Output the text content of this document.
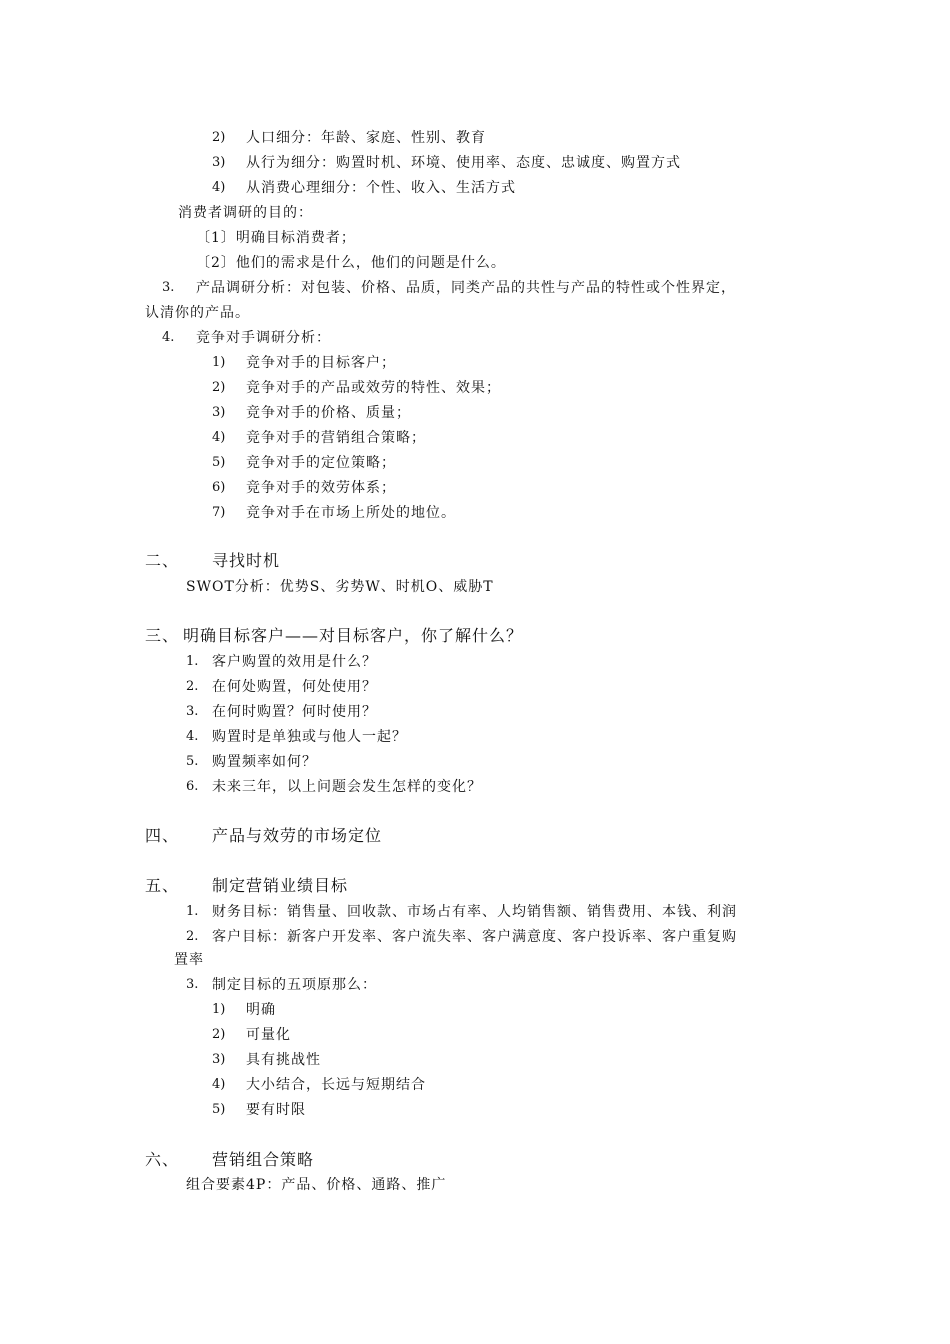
2) 人口细分：年龄、家庭、性别、教育
3) 从行为细分：购置时机、环境、使用率、态度、忠诚度、购置方式
4) 从消费心理细分：个性、收入、生活方式
消费者调研的目的：
〔1〕明确目标消费者；
〔2〕他们的需求是什么，他们的问题是什么。
3. 产品调研分析：对包装、价格、品质，同类产品的共性与产品的特性或个性界定，
认清你的产品。
4. 竞争对手调研分析：
1) 竞争对手的目标客户；
2) 竞争对手的产品或效劳的特性、效果；
3) 竞争对手的价格、质量；
4) 竞争对手的营销组合策略；
5) 竞争对手的定位策略；
6) 竞争对手的效劳体系；
7) 竞争对手在市场上所处的地位。
二、 寻找时机
SWOT分析：优势S、劣势W、时机O、威胁T
三、 明确目标客户——对目标客户，你了解什么？
1. 客户购置的效用是什么？
2. 在何处购置，何处使用？
3. 在何时购置？何时使用？
4. 购置时是单独或与他人一起？
5. 购置频率如何？
6. 未来三年，以上问题会发生怎样的变化？
四、 产品与效劳的市场定位
五、 制定营销业绩目标
1. 财务目标：销售量、回收款、市场占有率、人均销售额、销售费用、本钱、利润
2. 客户目标：新客户开发率、客户流失率、客户满意度、客户投诉率、客户重复购
置率
3. 制定目标的五项原那么：
1) 明确
2) 可量化
3) 具有挑战性
4) 大小结合，长远与短期结合
5) 要有时限
六、 营销组合策略
组合要素4P：产品、价格、通路、推广
